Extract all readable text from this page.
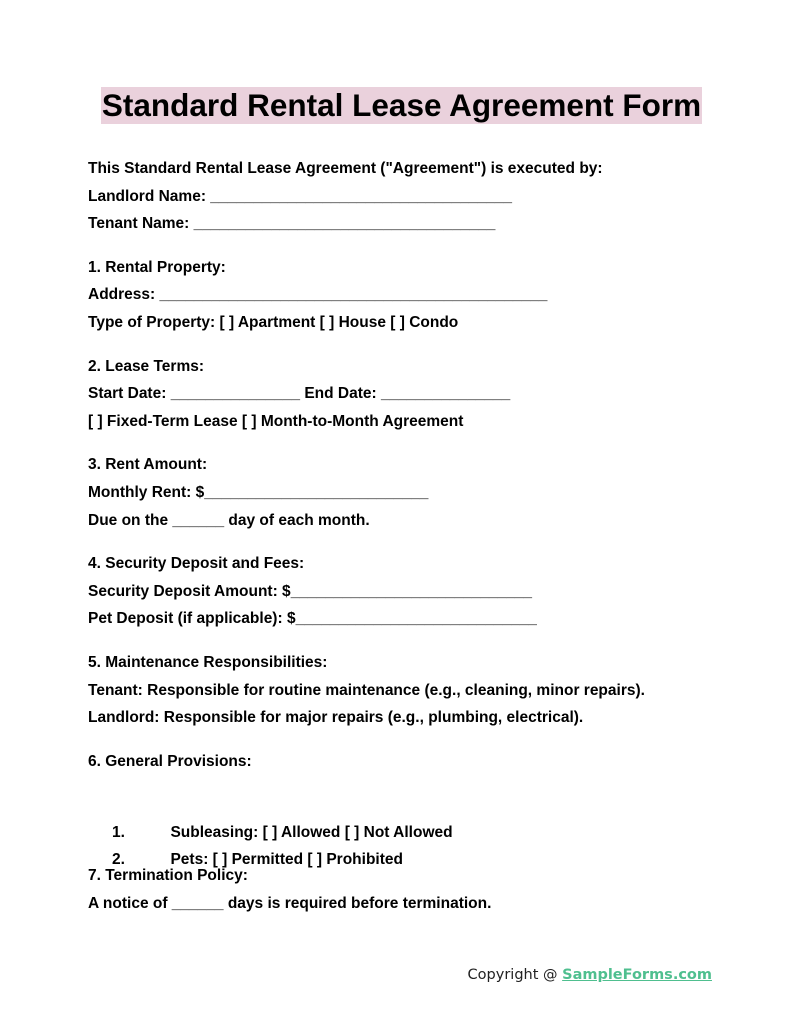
Standard Rental Lease Agreement Form
This Standard Rental Lease Agreement ("Agreement") is executed by:
Landlord Name: ___________________________________
Tenant Name: ___________________________________
1. Rental Property:
Address: _____________________________________________
Type of Property: [ ] Apartment [ ] House [ ] Condo
2. Lease Terms:
Start Date: _______________ End Date: _______________
[ ] Fixed-Term Lease [ ] Month-to-Month Agreement
3. Rent Amount:
Monthly Rent: $__________________________
Due on the ______ day of each month.
4. Security Deposit and Fees:
Security Deposit Amount: $____________________________
Pet Deposit (if applicable): $____________________________
5. Maintenance Responsibilities:
Tenant: Responsible for routine maintenance (e.g., cleaning, minor repairs).
Landlord: Responsible for major repairs (e.g., plumbing, electrical).
6. General Provisions:

1.	Subleasing: [ ] Allowed [ ] Not Allowed

2.	Pets: [ ] Permitted [ ] Prohibited

7. Termination Policy:
A notice of ______ days is required before termination.
Copyright @ SampleForms.com
